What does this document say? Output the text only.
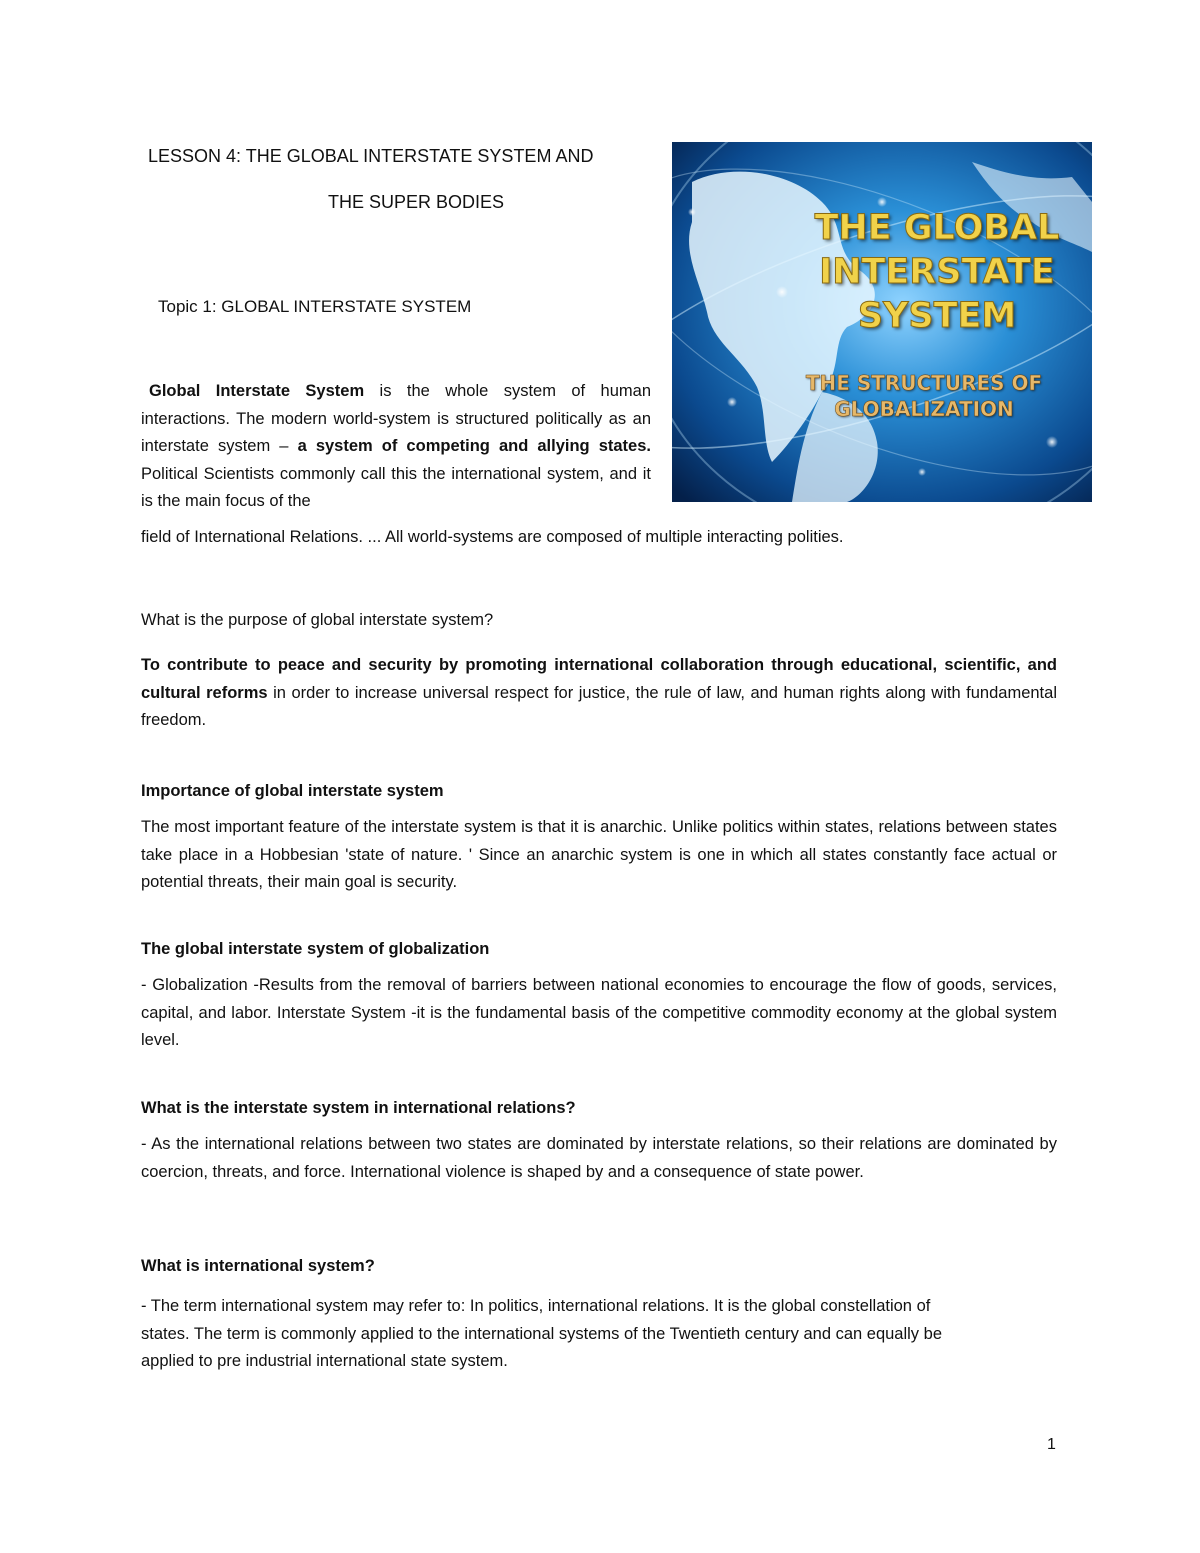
LESSON 4: THE GLOBAL INTERSTATE SYSTEM AND
THE SUPER BODIES
Topic 1: GLOBAL INTERSTATE SYSTEM
THE GLOBAL INTERSTATE SYSTEM
THE STRUCTURES OF GLOBALIZATION
Global Interstate System is the whole system of human interactions. The modern world-system is structured politically as an interstate system – a system of competing and allying states. Political Scientists commonly call this the international system, and it is the main focus of the
field of International Relations. ... All world-systems are composed of multiple interacting polities.
What is the purpose of global interstate system?
To contribute to peace and security by promoting international collaboration through educational, scientific, and cultural reforms in order to increase universal respect for justice, the rule of law, and human rights along with fundamental freedom.
Importance of global interstate system
The most important feature of the interstate system is that it is anarchic. Unlike politics within states, relations between states take place in a Hobbesian 'state of nature. ' Since an anarchic system is one in which all states constantly face actual or potential threats, their main goal is security.
The global interstate system of globalization
- Globalization -Results from the removal of barriers between national economies to encourage the flow of goods, services, capital, and labor. Interstate System -it is the fundamental basis of the competitive commodity economy at the global system level.
What is the interstate system in international relations?
- As the international relations between two states are dominated by interstate relations, so their relations are dominated by coercion, threats, and force. International violence is shaped by and a consequence of state power.
What is international system?
- The term international system may refer to: In politics, international relations. It is the global constellation of states. The term is commonly applied to the international systems of the Twentieth century and can equally be applied to pre industrial international state system.
1
